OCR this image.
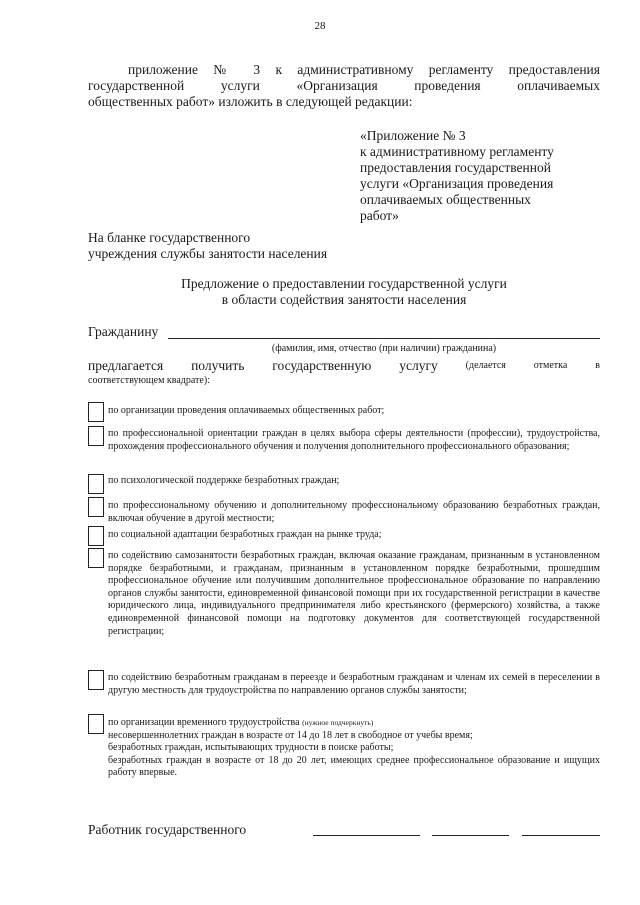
28
приложение № 3 к административному регламенту предоставления
государственной услуги «Организация проведения оплачиваемых
общественных работ» изложить в следующей редакции:
«Приложение № 3
к административному регламенту
предоставления государственной
услуги «Организация проведения
оплачиваемых общественных
работ»
На бланке государственного
учреждения службы занятости населения
Предложение о предоставлении государственной услуги
в области содействия занятости населения
Гражданину
(фамилия, имя, отчество (при наличии) гражданина)
предлагается получить государственную услугу	(делается	отметка	в
соответствующем квадрате):
по организации проведения оплачиваемых общественных работ;
по профессиональной ориентации граждан в целях выбора сферы деятельности (профессии), трудоустройства, прохождения профессионального обучения и получения дополнительного профессионального образования;
по психологической поддержке безработных граждан;
по профессиональному обучению и дополнительному профессиональному образованию безработных граждан, включая обучение в другой местности;
по социальной адаптации безработных граждан на рынке труда;
по содействию самозанятости безработных граждан, включая оказание гражданам, признанным в установленном порядке безработными, и гражданам, признанным в установленном порядке безработными, прошедшим профессиональное обучение или получившим дополнительное профессиональное образование по направлению органов службы занятости, единовременной финансовой помощи при их государственной регистрации в качестве юридического лица, индивидуального предпринимателя либо крестьянского (фермерского) хозяйства, а также единовременной финансовой помощи на подготовку документов для соответствующей государственной регистрации;
по содействию безработным гражданам в переезде и безработным гражданам и членам их семей в переселении в другую местность для трудоустройства по направлению органов службы занятости;
по организации временного трудоустройства (нужное подчеркнуть)
несовершеннолетних граждан в возрасте от 14 до 18 лет в свободное от учебы время;
безработных граждан, испытывающих трудности в поиске работы;
безработных граждан в возрасте от 18 до 20 лет, имеющих среднее профессиональное образование и ищущих работу впервые.
Работник государственного
